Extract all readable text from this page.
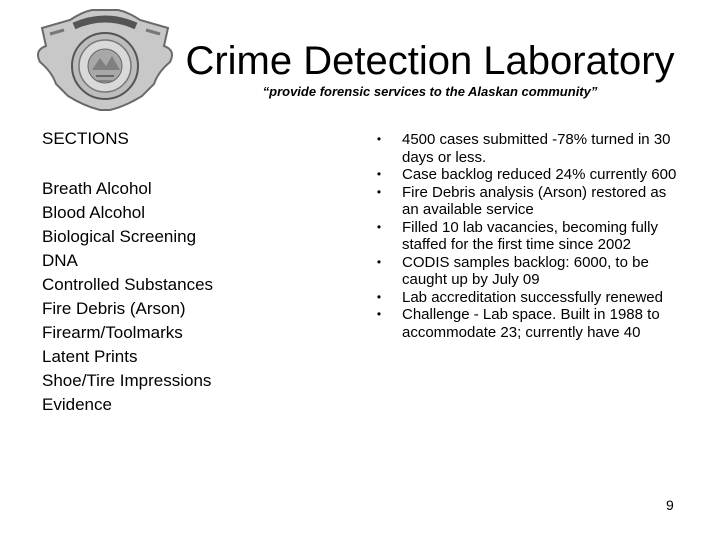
Crime Detection Laboratory
“provide forensic services to the Alaskan community”
SECTIONS
Breath Alcohol
Blood Alcohol
Biological Screening
DNA
Controlled Substances
Fire Debris (Arson)
Firearm/Toolmarks
Latent Prints
Shoe/Tire Impressions
Evidence
• 4500 cases submitted -78% turned in 30 days or less.
• Case backlog reduced 24% currently 600
• Fire Debris analysis (Arson) restored as an available service
• Filled 10 lab vacancies, becoming fully staffed for the first time since 2002
• CODIS samples backlog: 6000, to be caught up by July 09
• Lab accreditation successfully renewed
• Challenge - Lab space. Built in 1988 to accommodate 23; currently have 40
9
